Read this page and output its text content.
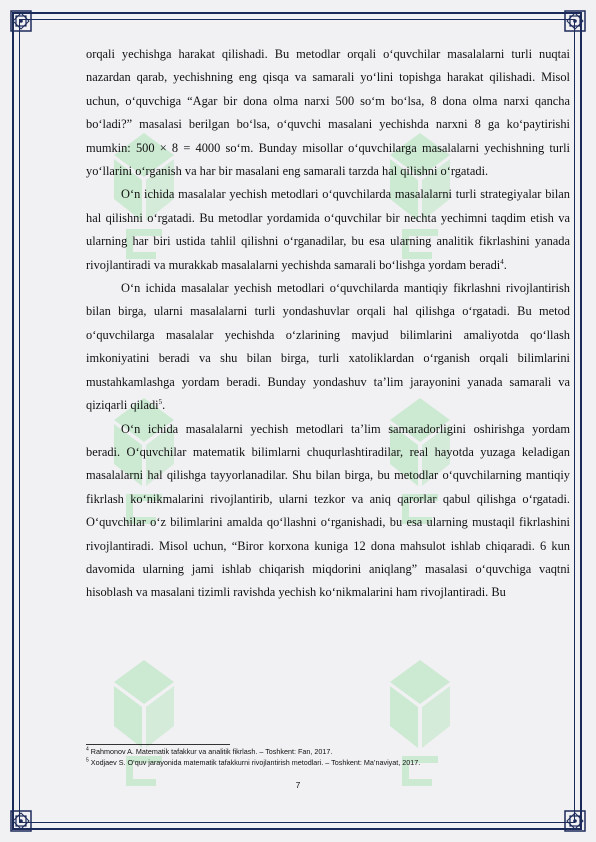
orqali yechishga harakat qilishadi. Bu metodlar orqali o‘quvchilar masalalarni turli nuqtai nazardan qarab, yechishning eng qisqa va samarali yo‘lini topishga harakat qilishadi. Misol uchun, o‘quvchiga “Agar bir dona olma narxi 500 so‘m bo‘lsa, 8 dona olma narxi qancha bo‘ladi?” masalasi berilgan bo‘lsa, o‘quvchi masalani yechishda narxni 8 ga ko‘paytirishi mumkin: 500 × 8 = 4000 so‘m. Bunday misollar o‘quvchilarga masalalarni yechishning turli yo‘llarini o‘rganish va har bir masalani eng samarali tarzda hal qilishni o‘rgatadi.

O‘n ichida masalalar yechish metodlari o‘quvchilarda masalalarni turli strategiyalar bilan hal qilishni o‘rgatadi. Bu metodlar yordamida o‘quvchilar bir nechta yechimni taqdim etish va ularning har biri ustida tahlil qilishni o‘rganadilar, bu esa ularning analitik fikrlashini yanada rivojlantiradi va murakkab masalalarni yechishda samarali bo‘lishga yordam beradi$^4$.

O‘n ichida masalalar yechish metodlari o‘quvchilarda mantiqiy fikrlashni rivojlantirish bilan birga, ularni masalalarni turli yondashuvlar orqali hal qilishga o‘rgatadi. Bu metod o‘quvchilarga masalalar yechishda o‘zlarining mavjud bilimlarini amaliyotda qo‘llash imkoniyatini beradi va shu bilan birga, turli xatoliklardan o‘rganish orqali bilimlarini mustahkamlashga yordam beradi. Bunday yondashuv ta’lim jarayonini yanada samarali va qiziqarli qiladi$^5$.

O‘n ichida masalalarni yechish metodlari ta’lim samaradorligini oshirishga yordam beradi. O‘quvchilar matematik bilimlarni chuqurlashtiradilar, real hayotda yuzaga keladigan masalalarni hal qilishga tayyorlanadilar. Shu bilan birga, bu metodlar o‘quvchilarning mantiqiy fikrlash ko‘nikmalarini rivojlantirib, ularni tezkor va aniq qarorlar qabul qilishga o‘rgatadi. O‘quvchilar o‘z bilimlarini amalda qo‘llashni o‘rganishadi, bu esa ularning mustaqil fikrlashini rivojlantiradi. Misol uchun, “Biror korxona kuniga 12 dona mahsulot ishlab chiqaradi. 6 kun davomida ularning jami ishlab chiqarish miqdorini aniqlang” masalasi o‘quvchiga vaqtni hisoblash va masalani tizimli ravishda yechish ko‘nikmalarini ham rivojlantiradi. Bu

$^4$ Rahmonov A. Matematik tafakkur va analitik fikrlash. – Toshkent: Fan, 2017.
$^5$ Xodjaev S. O‘quv jarayonida matematik tafakkurni rivojlantirish metodlari. – Toshkent: Ma’naviyat, 2017.
7
